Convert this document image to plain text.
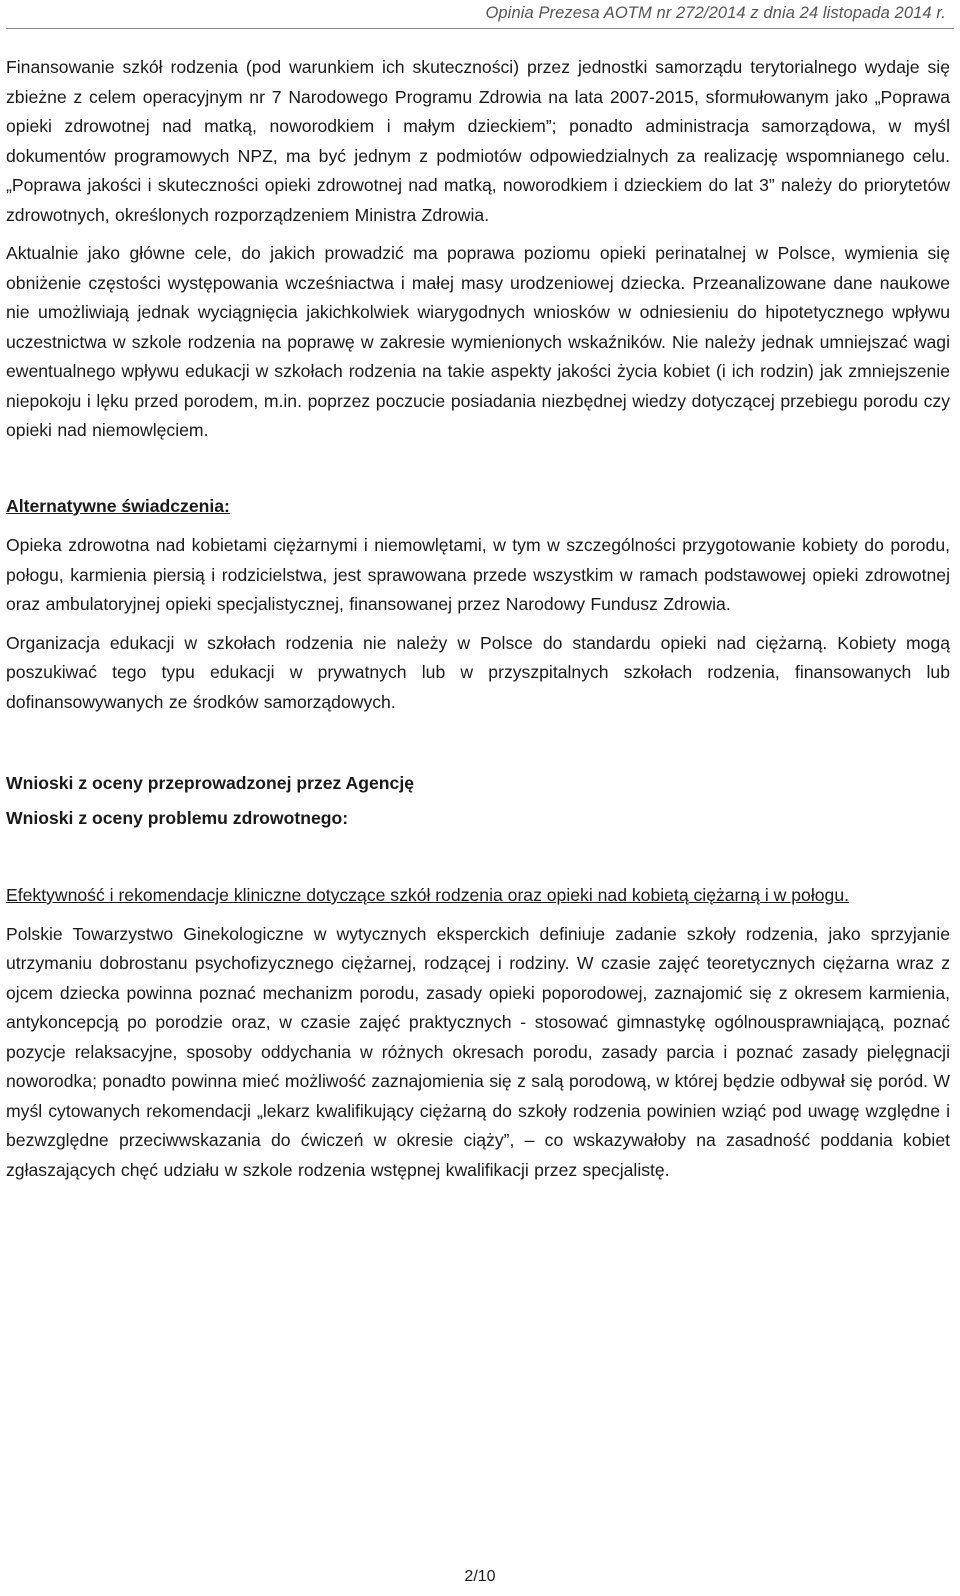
Opinia Prezesa AOTM nr 272/2014 z dnia 24 listopada 2014 r.

Finansowanie szkół rodzenia (pod warunkiem ich skuteczności) przez jednostki samorządu terytorialnego wydaje się zbieżne z celem operacyjnym nr 7 Narodowego Programu Zdrowia na lata 2007-2015, sformułowanym jako „Poprawa opieki zdrowotnej nad matką, noworodkiem i małym dzieckiem”; ponadto administracja samorządowa, w myśl dokumentów programowych NPZ, ma być jednym z podmiotów odpowiedzialnych za realizację wspomnianego celu. „Poprawa jakości i skuteczności opieki zdrowotnej nad matką, noworodkiem i dzieckiem do lat 3” należy do priorytetów zdrowotnych, określonych rozporządzeniem Ministra Zdrowia.

Aktualnie jako główne cele, do jakich prowadzić ma poprawa poziomu opieki perinatalnej w Polsce, wymienia się obniżenie częstości występowania wcześniactwa i małej masy urodzeniowej dziecka. Przeanalizowane dane naukowe nie umożliwiają jednak wyciągnięcia jakichkolwiek wiarygodnych wniosków w odniesieniu do hipotetycznego wpływu uczestnictwa w szkole rodzenia na poprawę w zakresie wymienionych wskaźników. Nie należy jednak umniejszać wagi ewentualnego wpływu edukacji w szkołach rodzenia na takie aspekty jakości życia kobiet (i ich rodzin) jak zmniejszenie niepokoju i lęku przed porodem, m.in. poprzez poczucie posiadania niezbędnej wiedzy dotyczącej przebiegu porodu czy opieki nad niemowlęciem.

Alternatywne świadczenia:

Opieka zdrowotna nad kobietami ciężarnymi i niemowlętami, w tym w szczególności przygotowanie kobiety do porodu, połogu, karmienia piersią i rodzicielstwa, jest sprawowana przede wszystkim w ramach podstawowej opieki zdrowotnej oraz ambulatoryjnej opieki specjalistycznej, finansowanej przez Narodowy Fundusz Zdrowia.

Organizacja edukacji w szkołach rodzenia nie należy w Polsce do standardu opieki nad ciężarną. Kobiety mogą poszukiwać tego typu edukacji w prywatnych lub w przyszpitalnych szkołach rodzenia, finansowanych lub dofinansowywanych ze środków samorządowych.

Wnioski z oceny przeprowadzonej przez Agencję

Wnioski z oceny problemu zdrowotnego:

Efektywność i rekomendacje kliniczne dotyczące szkół rodzenia oraz opieki nad kobietą ciężarną i w połogu.

Polskie Towarzystwo Ginekologiczne w wytycznych eksperckich definiuje zadanie szkoły rodzenia, jako sprzyjanie utrzymaniu dobrostanu psychofizycznego ciężarnej, rodzącej i rodziny. W czasie zajęć teoretycznych ciężarna wraz z ojcem dziecka powinna poznać mechanizm porodu, zasady opieki poporodowej, zaznajomić się z okresem karmienia, antykoncepcją po porodzie oraz, w czasie zajęć praktycznych - stosować gimnastykę ogólnousprawniającą, poznać pozycje relaksacyjne, sposoby oddychania w różnych okresach porodu, zasady parcia i poznać zasady pielęgnacji noworodka; ponadto powinna mieć możliwość zaznajomienia się z salą porodową, w której będzie odbywał się poród. W myśl cytowanych rekomendacji „lekarz kwalifikujący ciężarną do szkoły rodzenia powinien wziąć pod uwagę względne i bezwzględne przeciwwskazania do ćwiczeń w okresie ciąży”, – co wskazywałoby na zasadność poddania kobiet zgłaszających chęć udziału w szkole rodzenia wstępnej kwalifikacji przez specjalistę.

2/10
